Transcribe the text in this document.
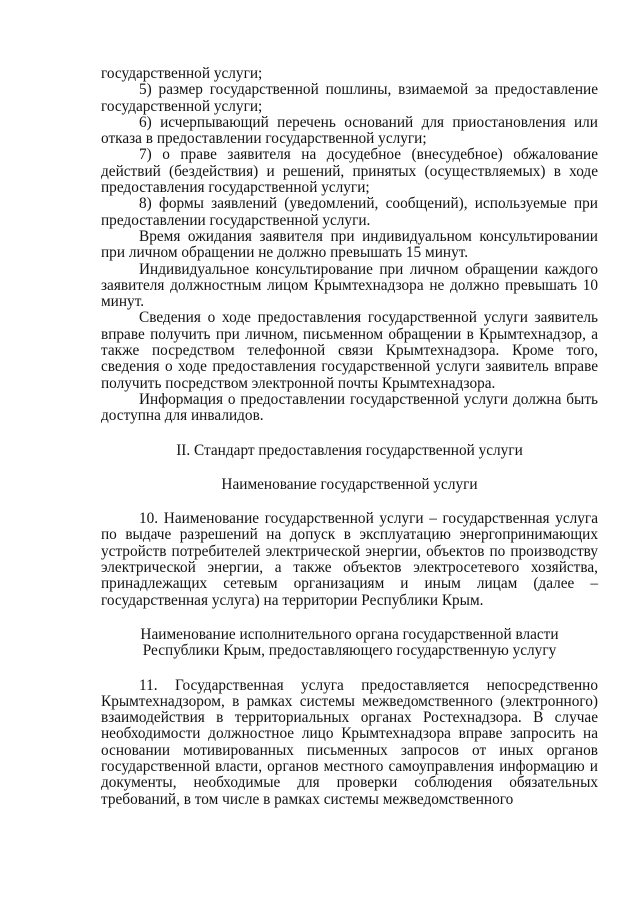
государственной услуги;

5) размер государственной пошлины, взимаемой за предоставление государственной услуги;

6) исчерпывающий перечень оснований для приостановления или отказа в предоставлении государственной услуги;

7) о праве заявителя на досудебное (внесудебное) обжалование действий (бездействия) и решений, принятых (осуществляемых) в ходе предоставления государственной услуги;

8) формы заявлений (уведомлений, сообщений), используемые при предоставлении государственной услуги.

Время ожидания заявителя при индивидуальном консультировании при личном обращении не должно превышать 15 минут.

Индивидуальное консультирование при личном обращении каждого заявителя должностным лицом Крымтехнадзора не должно превышать 10 минут.

Сведения о ходе предоставления государственной услуги заявитель вправе получить при личном, письменном обращении в Крымтехнадзор, а также посредством телефонной связи Крымтехнадзора. Кроме того, сведения о ходе предоставления государственной услуги заявитель вправе получить посредством электронной почты Крымтехнадзора.

Информация о предоставлении государственной услуги должна быть доступна для инвалидов.

II. Стандарт предоставления государственной услуги

Наименование государственной услуги

10. Наименование государственной услуги – государственная услуга по выдаче разрешений на допуск в эксплуатацию энергопринимающих устройств потребителей электрической энергии, объектов по производству электрической энергии, а также объектов электросетевого хозяйства, принадлежащих сетевым организациям и иным лицам (далее – государственная услуга) на территории Республики Крым.

Наименование исполнительного органа государственной власти Республики Крым, предоставляющего государственную услугу

11. Государственная услуга предоставляется непосредственно Крымтехнадзором, в рамках системы межведомственного (электронного) взаимодействия в территориальных органах Ростехнадзора. В случае необходимости должностное лицо Крымтехнадзора вправе запросить на основании мотивированных письменных запросов от иных органов государственной власти, органов местного самоуправления информацию и документы, необходимые для проверки соблюдения обязательных требований, в том числе в рамках системы межведомственного
